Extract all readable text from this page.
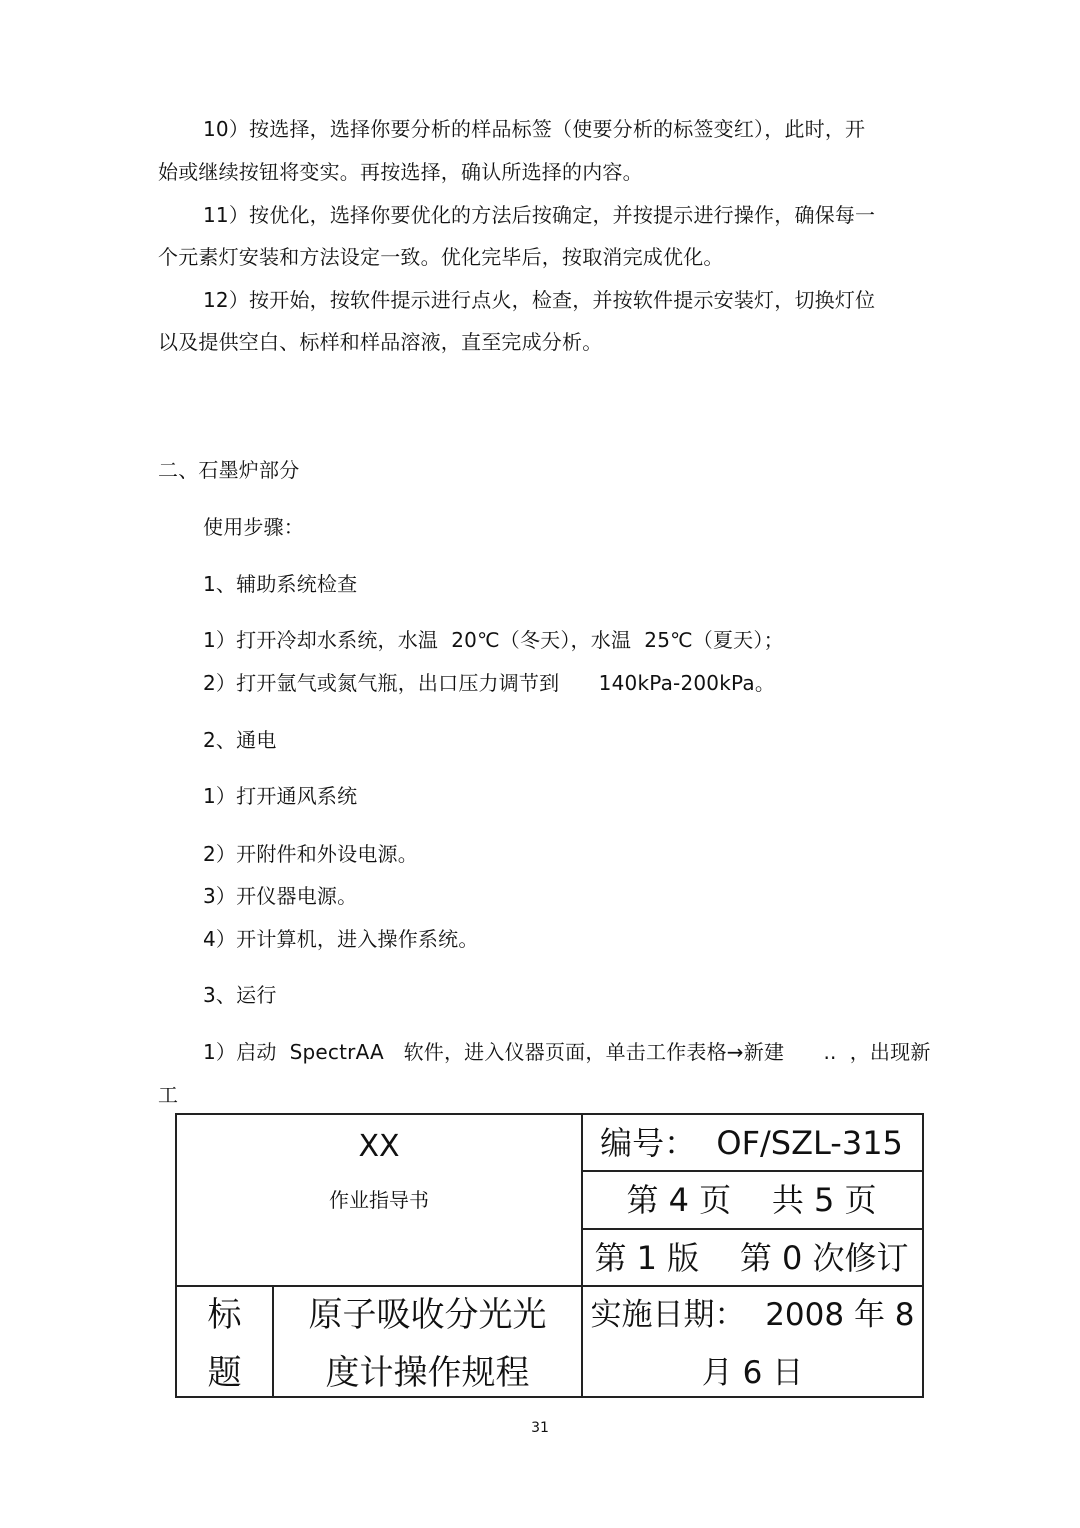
10）按选择，选择你要分析的样品标签（使要分析的标签变红），此时，开
始或继续按钮将变实。再按选择，确认所选择的内容。
11）按优化，选择你要优化的方法后按确定，并按提示进行操作，确保每一
个元素灯安装和方法设定一致。优化完毕后，按取消完成优化。
12）按开始，按软件提示进行点火，检查，并按软件提示安装灯，切换灯位
以及提供空白、标样和样品溶液，直至完成分析。
二、石墨炉部分
使用步骤：
1、辅助系统检查
1）打开冷却水系统，水温  20℃（冬天），水温  25℃（夏天）；
2）打开氩气或氮气瓶，出口压力调节到      140kPa-200kPa。
2、通电
1）打开通风系统
2）开附件和外设电源。
3）开仪器电源。
4）开计算机，进入操作系统。
3、运行
1）启动  SpectrAA   软件，进入仪器页面，单击工作表格→新建      ..  ，出现新
工
XX
作业指导书
编号：  OF/SZL-315
第 4 页    共 5 页
第 1 版    第 0 次修订
标
题
原子吸收分光光
度计操作规程
实施日期：  2008 年 8
月 6 日
31
